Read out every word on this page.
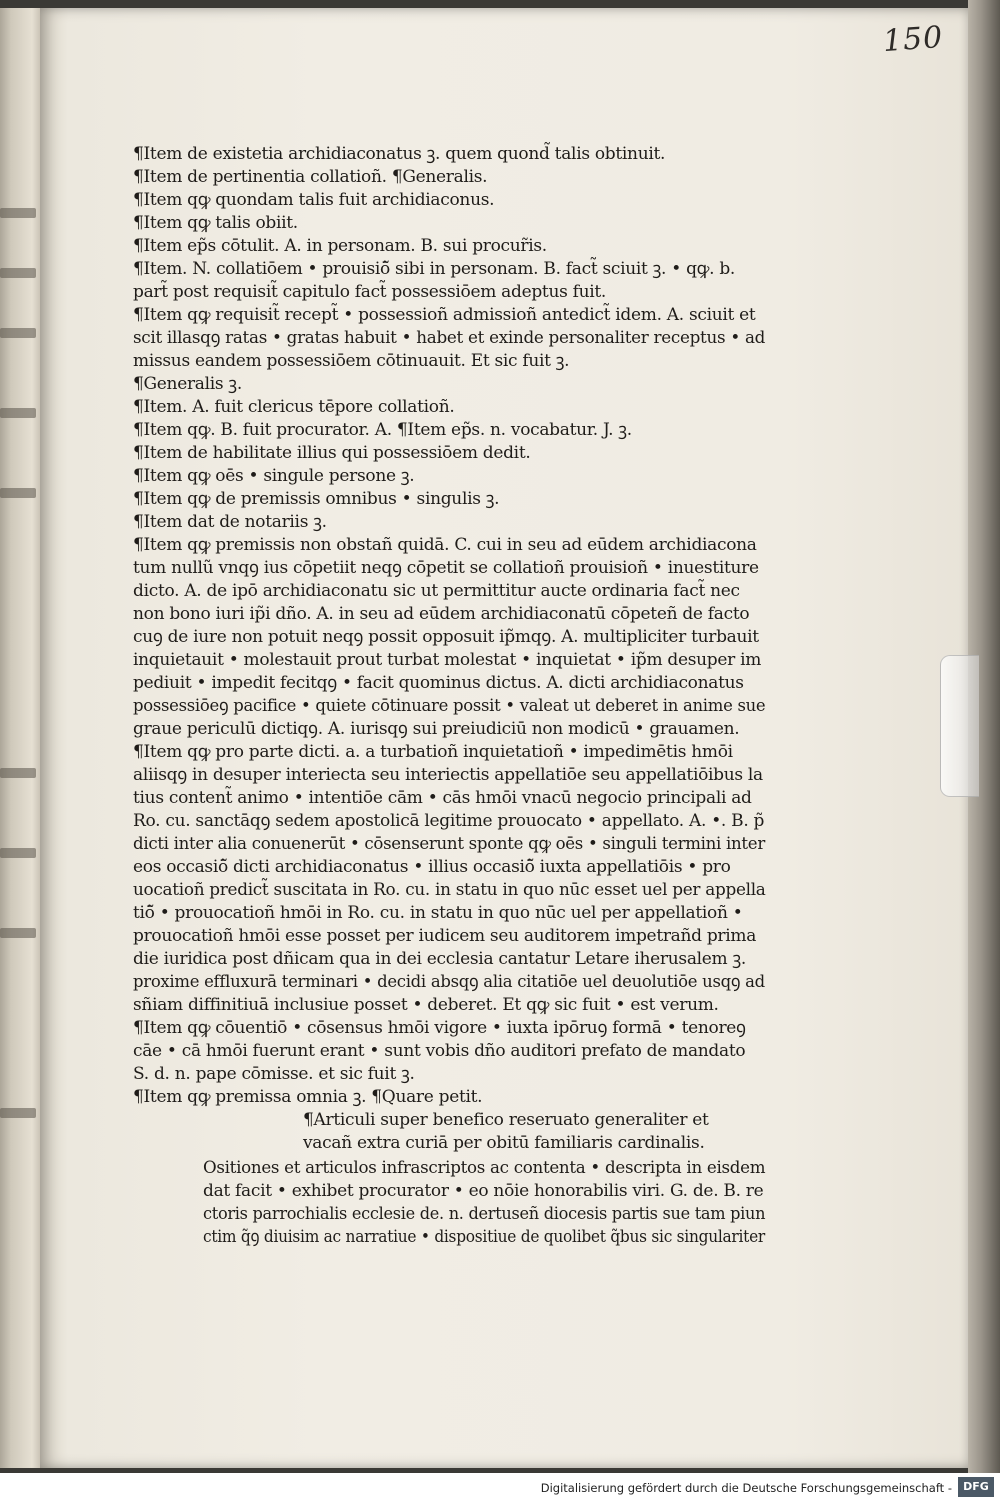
150
¶Item de existetia archidiaconatus ꝫ. quem quond̃ talis obtinuit.
¶Item de pertinentia collatioñ. ¶Generalis.
¶Item qꝙ quondam talis fuit archidiaconus.
¶Item qꝙ talis obiit.
¶Item ep̃s cōtulit. A. in personam. B. sui procur̃is.
¶Item. N. collatiōem • prouisiō̃ sibi in personam. B. fact̃ sciuit ꝫ. • qꝙ. b.
part̃ post requisit̃ capitulo fact̃ possessiōem adeptus fuit.
¶Item qꝙ requisit̃ recept̃ • possessioñ admissioñ antedict̃ idem. A. sciuit et
scit illasqꝯ ratas • gratas habuit • habet et exinde personaliter receptus • ad
missus eandem possessiōem cōtinuauit. Et sic fuit ꝫ.
¶Generalis ꝫ.
¶Item. A. fuit clericus tēpore collatioñ.
¶Item qꝙ. B. fuit procurator. A. ¶Item ep̃s. n. vocabatur. J. ꝫ.
¶Item de habilitate illius qui possessiōem dedit.
¶Item qꝙ oēs • singule persone ꝫ.
¶Item qꝙ de premissis omnibus • singulis ꝫ.
¶Item dat de notariis ꝫ.
¶Item qꝙ premissis non obstañ quidā. C. cui in seu ad eūdem archidiacona
tum nullũ vnqꝯ ius cōpetiit neqꝯ cōpetit se collatioñ prouisioñ • inuestiture
dicto. A. de ipō archidiaconatu sic ut permittitur aucte ordinaria fact̃ nec
non bono iuri ip̃i dño. A. in seu ad eūdem archidiaconatū cōpeteñ de facto
cuꝯ de iure non potuit neqꝯ possit opposuit ip̃mqꝯ. A. multipliciter turbauit
inquietauit • molestauit prout turbat molestat • inquietat • ip̃m desuper im
pediuit • impedit fecitqꝯ • facit quominus dictus. A. dicti archidiaconatus
possessiōeꝯ pacifice • quiete cōtinuare possit • valeat ut deberet in anime sue
graue periculū dictiqꝯ. A. iurisqꝯ sui preiudiciū non modicū • grauamen.
¶Item qꝙ pro parte dicti. a. a turbatioñ inquietatioñ • impedimētis hmōi
aliisqꝯ in desuper interiecta seu interiectis appellatiōe seu appellatiōibus la
tius content̃ animo • intentiōe cām • cās hmōi vnacū negocio principali ad
Ro. cu. sanctāqꝯ sedem apostolicā legitime prouocato • appellato. A. •. B. p̃
dicti inter alia conuenerūt • cōsenserunt sponte qꝙ oēs • singuli termini inter
eos occasiō̃ dicti archidiaconatus • illius occasiō̃ iuxta appellatiōis • pro
uocatioñ predict̃ suscitata in Ro. cu. in statu in quo nūc esset uel per appella
tiō̃ • prouocatioñ hmōi in Ro. cu. in statu in quo nūc uel per appellatioñ •
prouocatioñ hmōi esse posset per iudicem seu auditorem impetrañd prima
die iuridica post dñicam qua in dei ecclesia cantatur Letare iherusalem ꝫ.
proxime effluxurā terminari • decidi absqꝯ alia citatiōe uel deuolutiōe usqꝯ ad
sñiam diffinitiuā inclusiue posset • deberet. Et qꝙ sic fuit • est verum.
¶Item qꝙ cōuentiō • cōsensus hmōi vigore • iuxta ipōruꝯ formā • tenoreꝯ
cāe • cā hmōi fuerunt erant • sunt vobis dño auditori prefato de mandato
S. d. n. pape cōmisse. et sic fuit ꝫ.
¶Item qꝙ premissa omnia ꝫ. ¶Quare petit.
¶Articuli super benefico reseruato generaliter et
vacañ extra curiā per obitū familiaris cardinalis.
Ositiones et articulos infrascriptos ac contenta • descripta in eisdem
dat facit • exhibet procurator • eo nōie honorabilis viri. G. de. B. re
ctoris parrochialis ecclesie de. n. dertuseñ diocesis partis sue tam piun
ctim q̃ꝯ diuisim ac narratiue • dispositiue de quolibet q̃bus sic singulariter
Digitalisierung gefördert durch die Deutsche Forschungsgemeinschaft -	DFG
